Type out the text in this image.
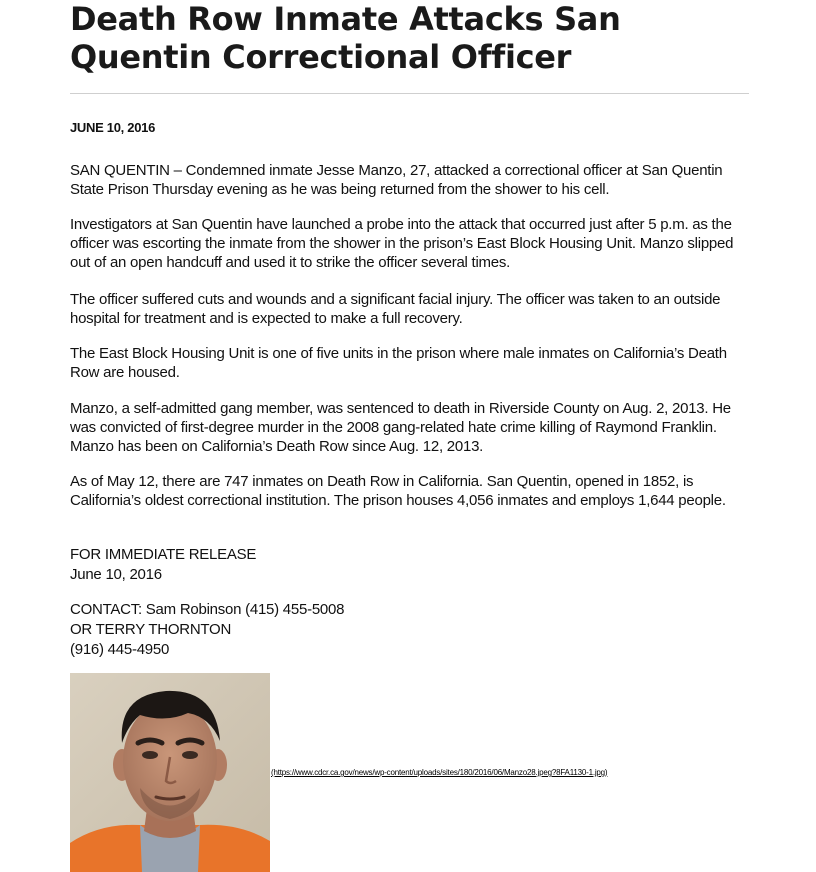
Death Row Inmate Attacks San Quentin Correctional Officer
JUNE 10, 2016

SAN QUENTIN – Condemned inmate Jesse Manzo, 27, attacked a correctional officer at San Quentin State Prison Thursday evening as he was being returned from the shower to his cell.

Investigators at San Quentin have launched a probe into the attack that occurred just after 5 p.m. as the officer was escorting the inmate from the shower in the prison’s East Block Housing Unit. Manzo slipped out of an open handcuff and used it to strike the officer several times.

The officer suffered cuts and wounds and a significant facial injury. The officer was taken to an outside hospital for treatment and is expected to make a full recovery.

The East Block Housing Unit is one of five units in the prison where male inmates on California’s Death Row are housed.

Manzo, a self-admitted gang member, was sentenced to death in Riverside County on Aug. 2, 2013. He was convicted of first-degree murder in the 2008 gang-related hate crime killing of Raymond Franklin. Manzo has been on California’s Death Row since Aug. 12, 2013.

As of May 12, there are 747 inmates on Death Row in California. San Quentin, opened in 1852, is California’s oldest correctional institution. The prison houses 4,056 inmates and employs 1,644 people.

FOR IMMEDIATE RELEASE
June 10, 2016
CONTACT: Sam Robinson (415) 455-5008
OR TERRY THORNTON
(916) 445-4950
(https://www.cdcr.ca.gov/news/wp-content/uploads/sites/180/2016/06/Manzo28.jpeg?8FA1130-1.jpg)
